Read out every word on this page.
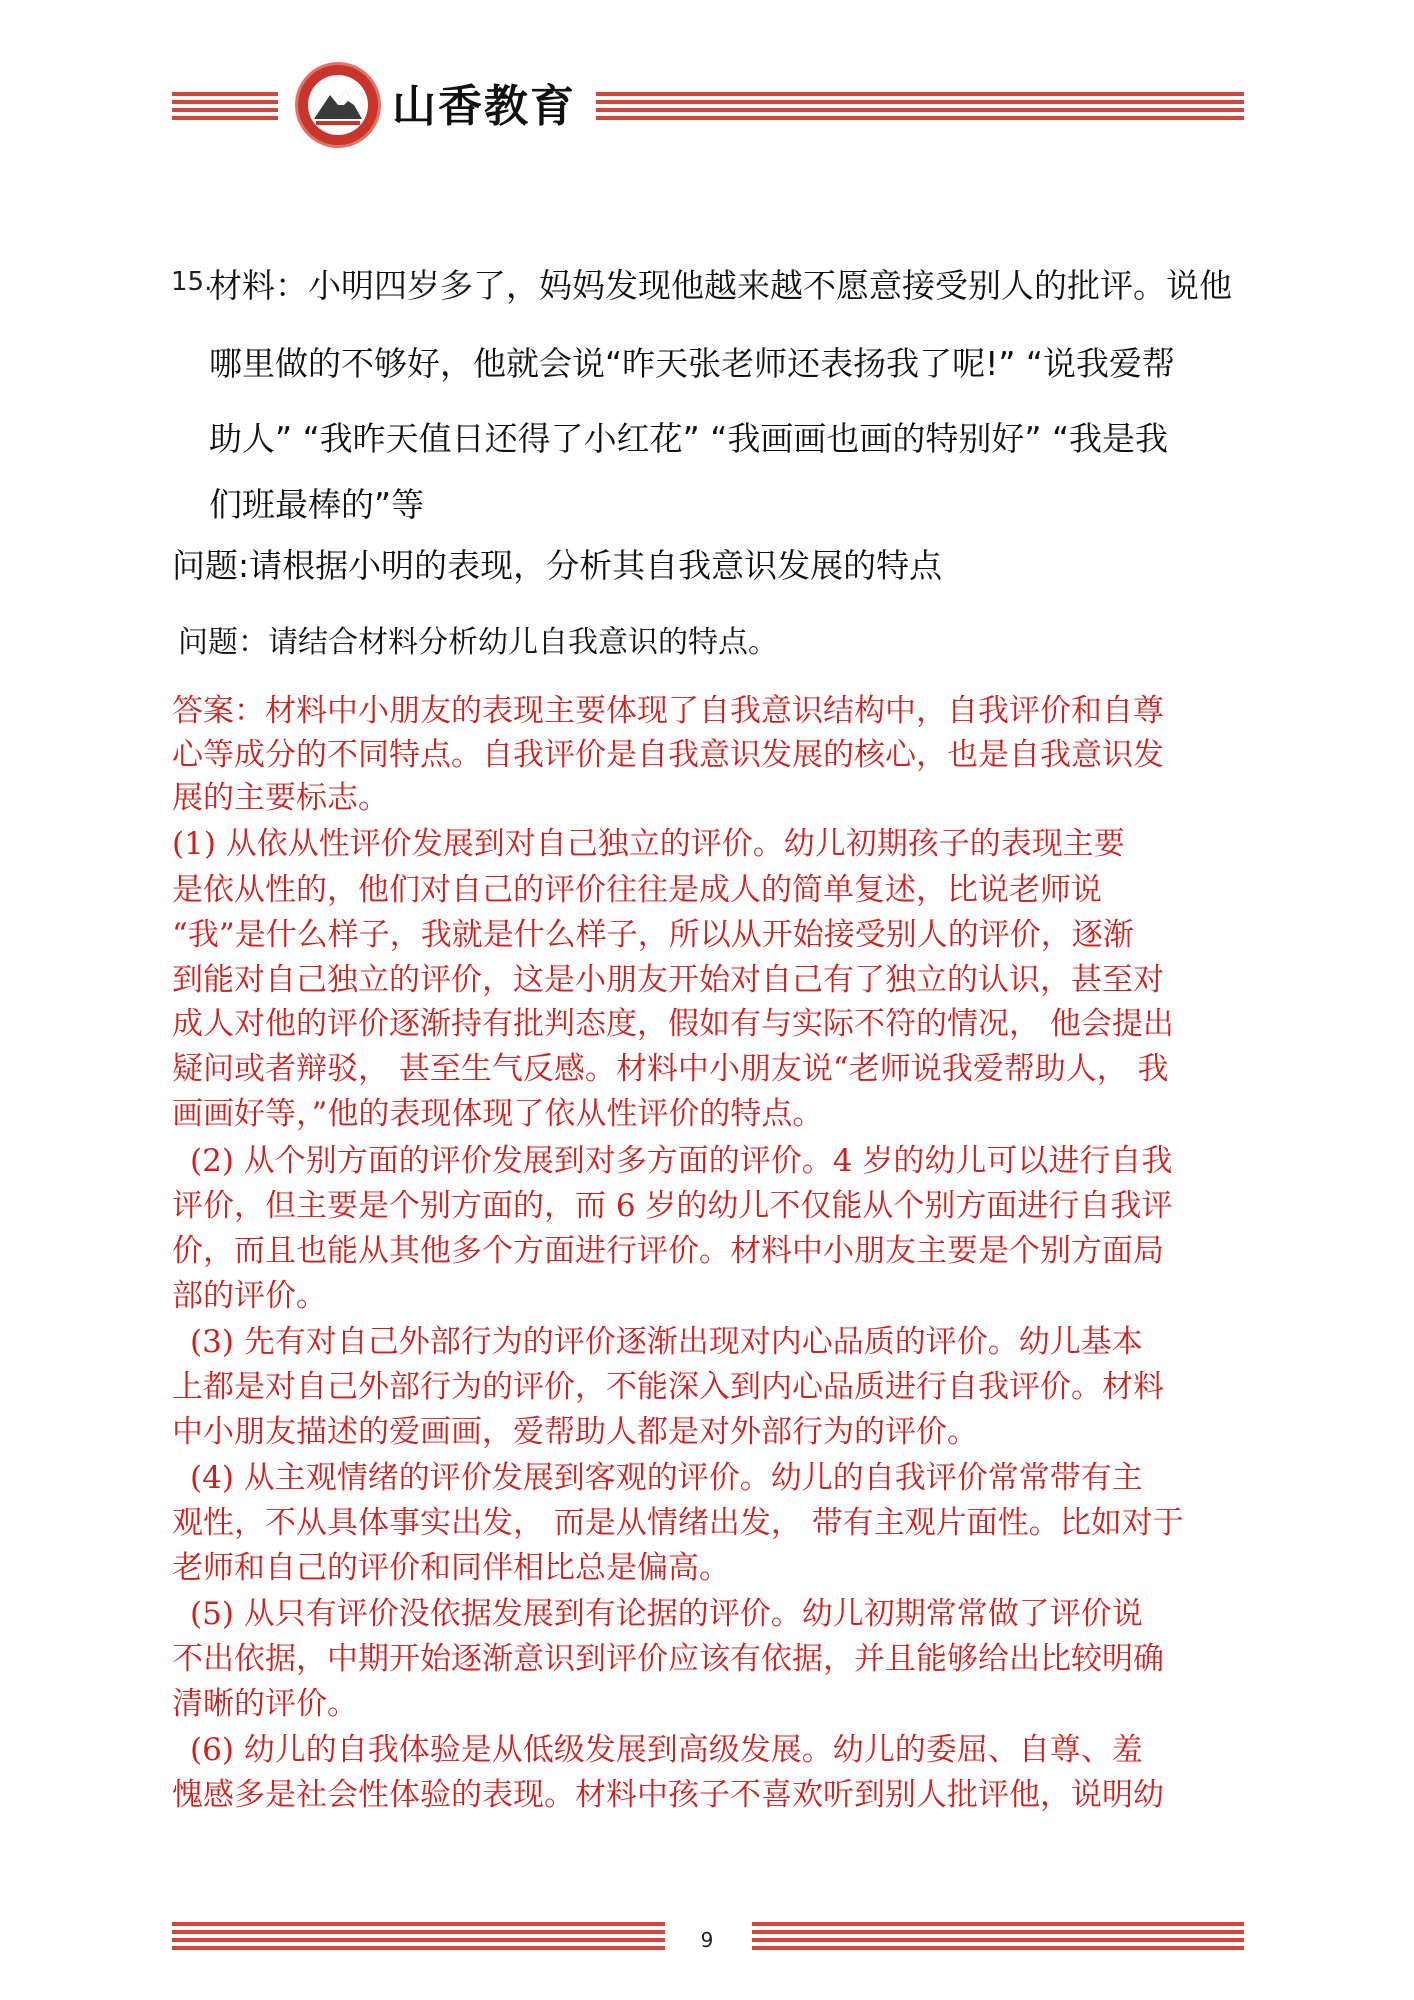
山香教育
15.
材料：小明四岁多了，妈妈发现他越来越不愿意接受别人的批评。说他
哪里做的不够好，他就会说“昨天张老师还表扬我了呢!” “说我爱帮
助人” “我昨天值日还得了小红花” “我画画也画的特别好” “我是我
们班最棒的”等
问题:请根据小明的表现，分析其自我意识发展的特点
问题：请结合材料分析幼儿自我意识的特点。
答案：材料中小朋友的表现主要体现了自我意识结构中，自我评价和自尊
心等成分的不同特点。自我评价是自我意识发展的核心，也是自我意识发
展的主要标志。
(1) 从依从性评价发展到对自己独立的评价。幼儿初期孩子的表现主要
是依从性的，他们对自己的评价往往是成人的简单复述，比说老师说
“我”是什么样子，我就是什么样子，所以从开始接受别人的评价，逐渐
到能对自己独立的评价，这是小朋友开始对自己有了独立的认识，甚至对
成人对他的评价逐渐持有批判态度，假如有与实际不符的情况， 他会提出
疑问或者辩驳， 甚至生气反感。材料中小朋友说“老师说我爱帮助人， 我
画画好等，”他的表现体现了依从性评价的特点。
(2) 从个别方面的评价发展到对多方面的评价。4 岁的幼儿可以进行自我
评价，但主要是个别方面的，而 6 岁的幼儿不仅能从个别方面进行自我评
价，而且也能从其他多个方面进行评价。材料中小朋友主要是个别方面局
部的评价。
(3) 先有对自己外部行为的评价逐渐出现对内心品质的评价。幼儿基本
上都是对自己外部行为的评价，不能深入到内心品质进行自我评价。材料
中小朋友描述的爱画画，爱帮助人都是对外部行为的评价。
(4) 从主观情绪的评价发展到客观的评价。幼儿的自我评价常常带有主
观性，不从具体事实出发， 而是从情绪出发， 带有主观片面性。比如对于
老师和自己的评价和同伴相比总是偏高。
(5) 从只有评价没依据发展到有论据的评价。幼儿初期常常做了评价说
不出依据，中期开始逐渐意识到评价应该有依据，并且能够给出比较明确
清晰的评价。
(6) 幼儿的自我体验是从低级发展到高级发展。幼儿的委屈、自尊、羞
愧感多是社会性体验的表现。材料中孩子不喜欢听到别人批评他，说明幼
9
